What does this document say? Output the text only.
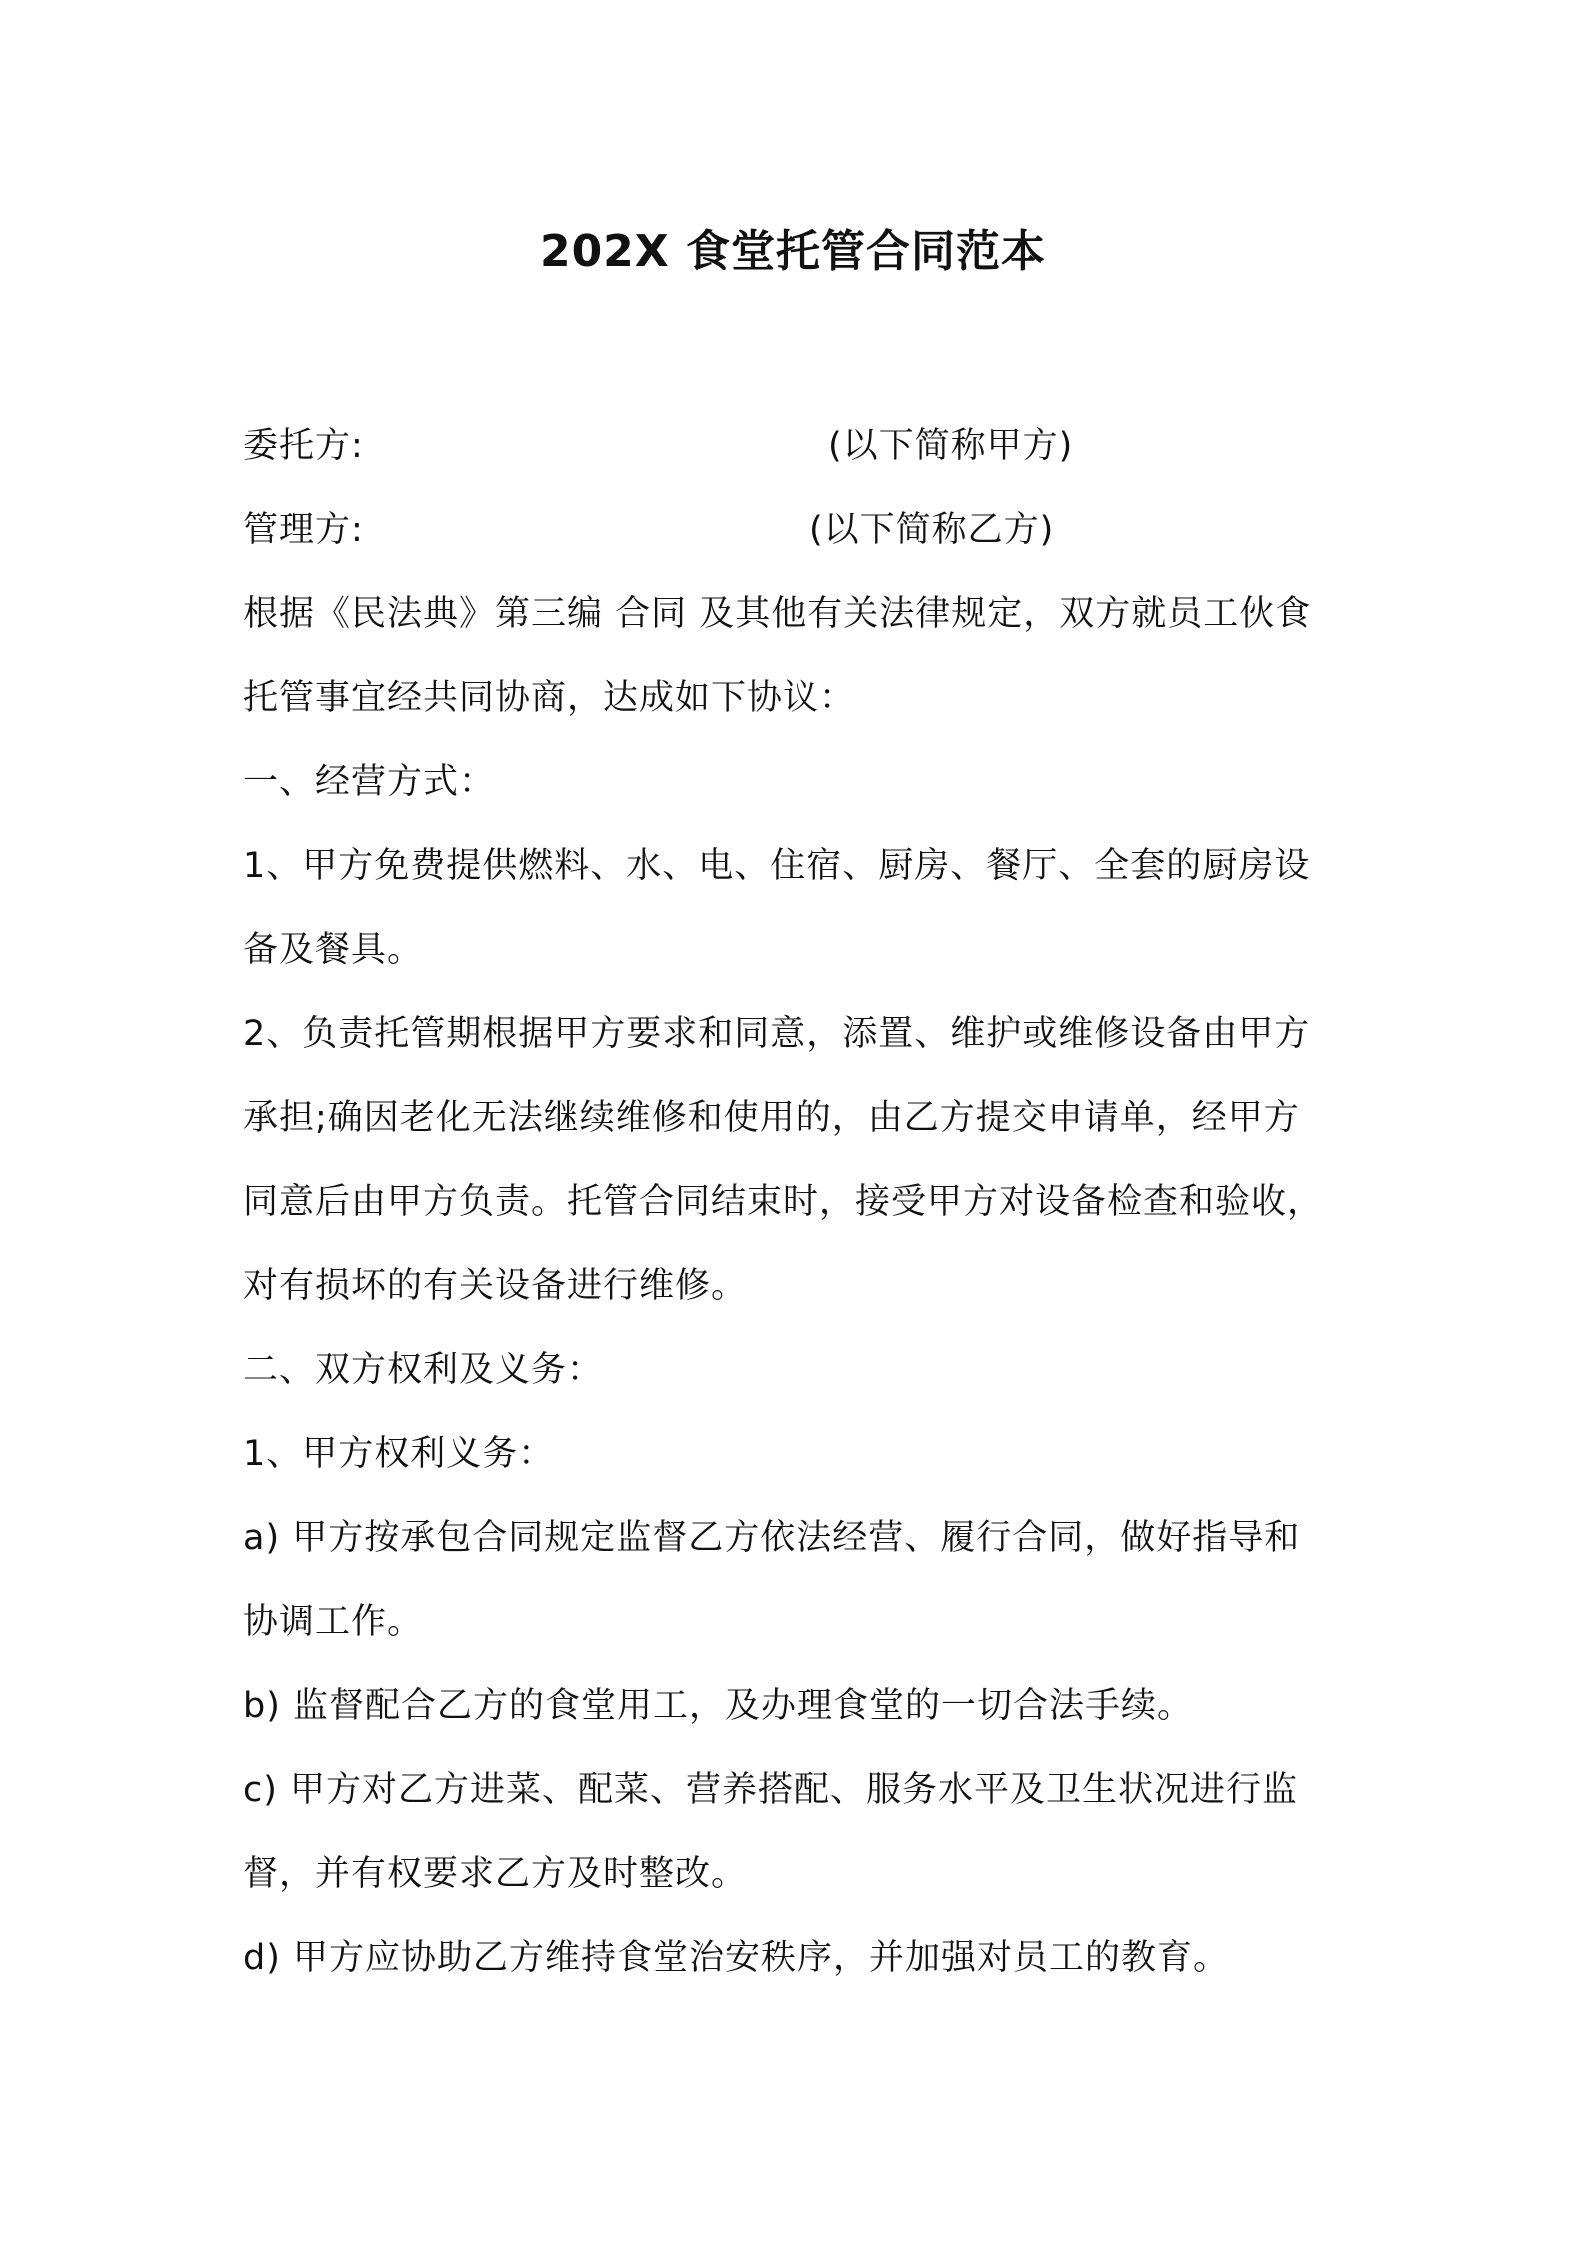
202X 食堂托管合同范本
委托方:	(以下简称甲方)
管理方:	(以下简称乙方)
根据《民法典》第三编 合同 及其他有关法律规定，双方就员工伙食
托管事宜经共同协商，达成如下协议：
一、经营方式：
1、甲方免费提供燃料、水、电、住宿、厨房、餐厅、全套的厨房设
备及餐具。
2、负责托管期根据甲方要求和同意，添置、维护或维修设备由甲方
承担;确因老化无法继续维修和使用的，由乙方提交申请单，经甲方
同意后由甲方负责。托管合同结束时，接受甲方对设备检查和验收，
对有损坏的有关设备进行维修。
二、双方权利及义务：
1、甲方权利义务：
a) 甲方按承包合同规定监督乙方依法经营、履行合同，做好指导和
协调工作。
b) 监督配合乙方的食堂用工，及办理食堂的一切合法手续。
c) 甲方对乙方进菜、配菜、营养搭配、服务水平及卫生状况进行监
督，并有权要求乙方及时整改。
d) 甲方应协助乙方维持食堂治安秩序，并加强对员工的教育。
